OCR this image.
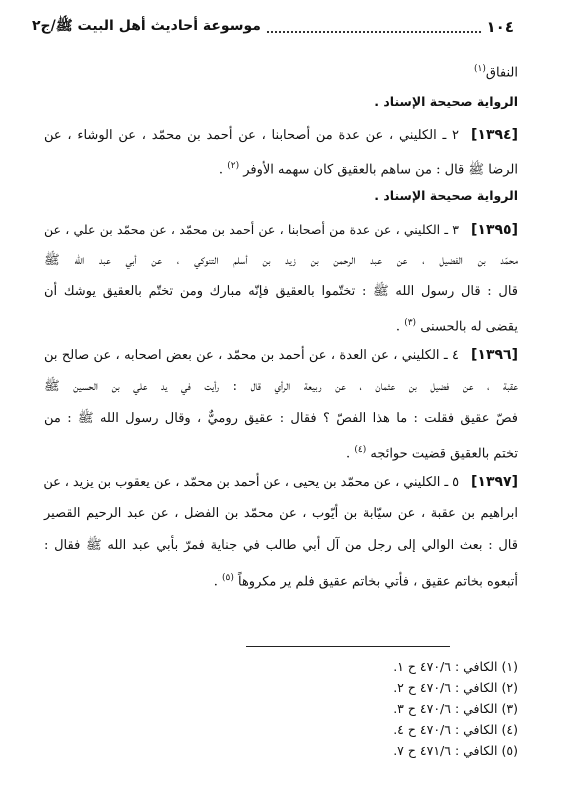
١٠٤
موسوعة أحاديث أهل البيت ﷺ/ج٢
النفاق$^{(١)}$
الرواية صحيحة الإسناد .
[١٣٩٤]٢ ـ الكليني ، عن عدة من أصحابنا ، عن أحمد بن محمّد ، عن الوشاء ، عن
الرضا ﷺ قال : من ساهم بالعقيق كان سهمه الأوفر $^{(٢)}$ .
الرواية صحيحة الإسناد .
[١٣٩٥]٣ ـ الكليني ، عن عدة من أصحابنا ، عن أحمد بن محمّد ، عن محمّد بن علي ، عن
محمّد بن الفضيل ، عن عبد الرحمن بن زيد بن أسلم التنوكي ، عن أبي عبد الله ﷺ
قال : قال رسول الله ﷺ : تختّموا بالعقيق فإنّه مبارك ومن تختّم بالعقيق يوشك أن
يقضى له بالحسنى $^{(٣)}$ .
[١٣٩٦]٤ ـ الكليني ، عن العدة ، عن أحمد بن محمّد ، عن بعض اصحابه ، عن صالح بن
عقبة ، عن فضيل بن عثمان ، عن ربيعة الرأي قال : رأيت في يد علي بن الحسين ﷺ
فصّ عقيق فقلت : ما هذا الفصّ ؟ فقال : عقيق روميٌّ ، وقال رسول الله ﷺ : من
تختم بالعقيق قضيت حوائجه $^{(٤)}$ .
[١٣٩٧]٥ ـ الكليني ، عن محمّد بن يحيى ، عن أحمد بن محمّد ، عن يعقوب بن يزيد ، عن
ابراهيم بن عقبة ، عن سيّابة بن أيّوب ، عن محمّد بن الفضل ، عن عبد الرحيم القصير
قال : بعث الوالي إلى رجل من آل أبي طالب في جناية فمرّ بأبي عبد الله ﷺ فقال :
أتبعوه بخاتم عقيق ، فأتي بخاتم عقيق فلم ير مكروهاً $^{(٥)}$ .
(١) الكافي : ٤٧٠/٦ ح ١.
(٢) الكافي : ٤٧٠/٦ ح ٢.
(٣) الكافي : ٤٧٠/٦ ح ٣.
(٤) الكافي : ٤٧٠/٦ ح ٤.
(٥) الكافي : ٤٧١/٦ ح ٧.
